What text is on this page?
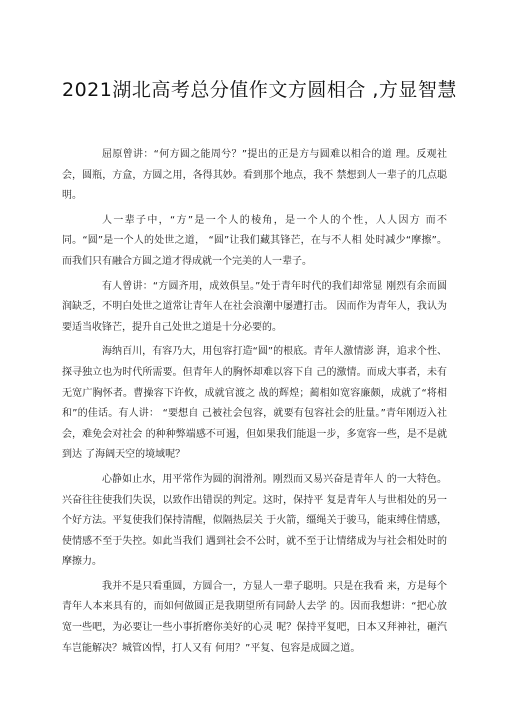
2021湖北高考总分值作文方圆相合 ,方显智慧

屈原曾讲：“何方圆之能周兮？”提出的正是方与圆难以相合的道 理。反观社会，圆瓶，方盒，方圆之用，各得其妙。看到那个地点，我不 禁想到人一辈子的几点聪明。

人一辈子中，“方”是一个人的棱角，是一个人的个性，人人因方 而不同。“圆”是一个人的处世之道， “圆”让我们藏其锋芒，在与不人相 处时减少“摩擦”。而我们只有融合方圆之道才得成就一个完美的人一辈子。

有人曾讲：“方圆齐用，成效俱呈。”处于青年时代的我们却常显 刚烈有余而圆润缺乏，不明白处世之道常让青年人在社会浪潮中屡遭打击。 因而作为青年人，我认为要适当收锋芒，提升自己处世之道是十分必要的。

海纳百川，有容乃大，用包容打造“圆”的根底。青年人激情澎 湃，追求个性、探寻独立也为时代所需要。但青年人的胸怀却难以容下自 己的激情。而成大事者，未有无宽广胸怀者。曹操容下许攸，成就官渡之 战的辉煌；蔺相如宽容廉颇，成就了“将相和”的佳话。有人讲： “要想自 己被社会包容，就要有包容社会的肚量。”青年刚迈入社会，难免会对社会 的种种弊端感不可遏，但如果我们能退一步，多宽容一些，是不是就到达 了海阔天空的境域呢？

心静如止水，用平常作为圆的润滑剂。刚烈而又易兴奋是青年人 的一大特色。兴奋往往使我们失误，以致作出错误的判定。这时，保持平 复是青年人与世相处的另一个好方法。平复使我们保持清醒，似隔热层关 于火箭，缰绳关于骏马，能束缚住情感，使情感不至于失控。如此当我们 遇到社会不公时，就不至于让情绪成为与社会相处时的摩擦力。

我并不是只看重圆，方圆合一，方显人一辈子聪明。只是在我看 来，方是每个青年人本来具有的，而如何做圆正是我期望所有同龄人去学 的。因而我想讲：“把心放宽一些吧，为必要让一些小事折磨你美好的心灵 呢？保持平复吧，日本又拜神社，砸汽车岂能解决？城管凶悍，打人又有 何用？”平复、包容是成圆之道。
